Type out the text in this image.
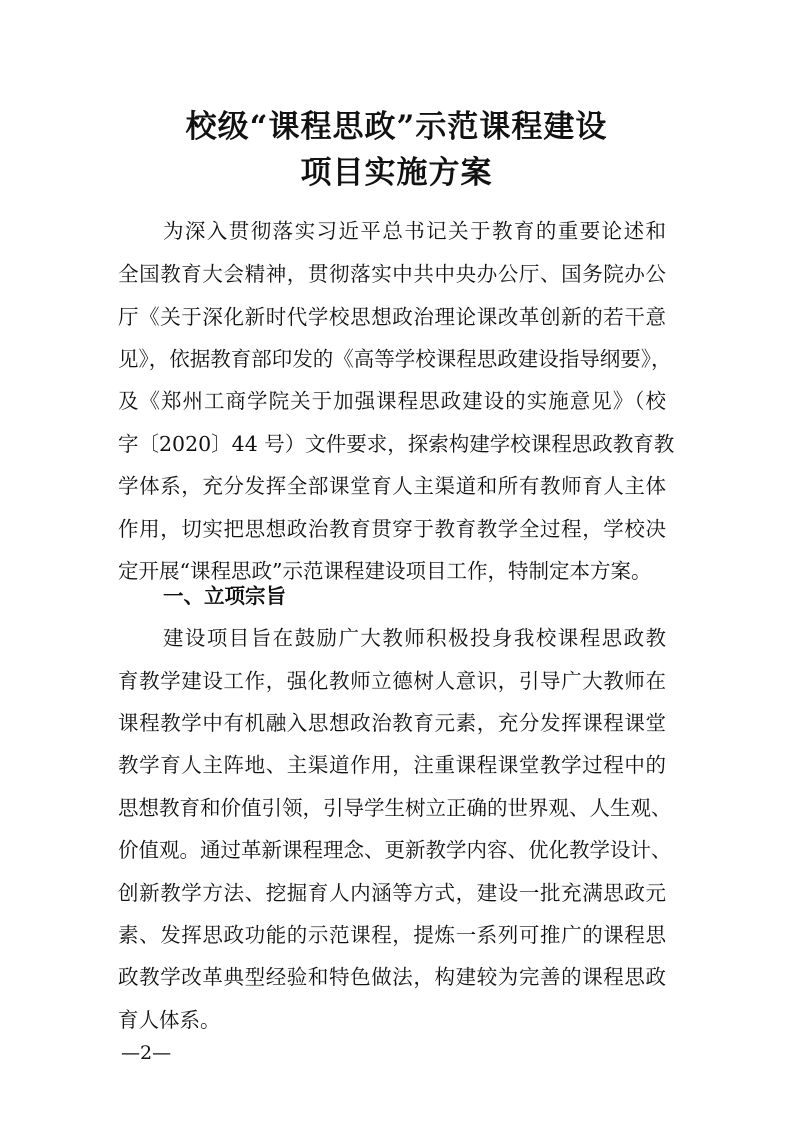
校级“课程思政”示范课程建设
项目实施方案
为深入贯彻落实习近平总书记关于教育的重要论述和
全国教育大会精神，贯彻落实中共中央办公厅、国务院办公
厅《关于深化新时代学校思想政治理论课改革创新的若干意
见》，依据教育部印发的《高等学校课程思政建设指导纲要》，
及《郑州工商学院关于加强课程思政建设的实施意见》（校
字〔2020〕44 号）文件要求，探索构建学校课程思政教育教
学体系，充分发挥全部课堂育人主渠道和所有教师育人主体
作用，切实把思想政治教育贯穿于教育教学全过程，学校决
定开展“课程思政”示范课程建设项目工作，特制定本方案。
一、立项宗旨
建设项目旨在鼓励广大教师积极投身我校课程思政教
育教学建设工作，强化教师立德树人意识，引导广大教师在
课程教学中有机融入思想政治教育元素，充分发挥课程课堂
教学育人主阵地、主渠道作用，注重课程课堂教学过程中的
思想教育和价值引领，引导学生树立正确的世界观、人生观、
价值观。通过革新课程理念、更新教学内容、优化教学设计、
创新教学方法、挖掘育人内涵等方式，建设一批充满思政元
素、发挥思政功能的示范课程，提炼一系列可推广的课程思
政教学改革典型经验和特色做法，构建较为完善的课程思政
育人体系。
—2—
